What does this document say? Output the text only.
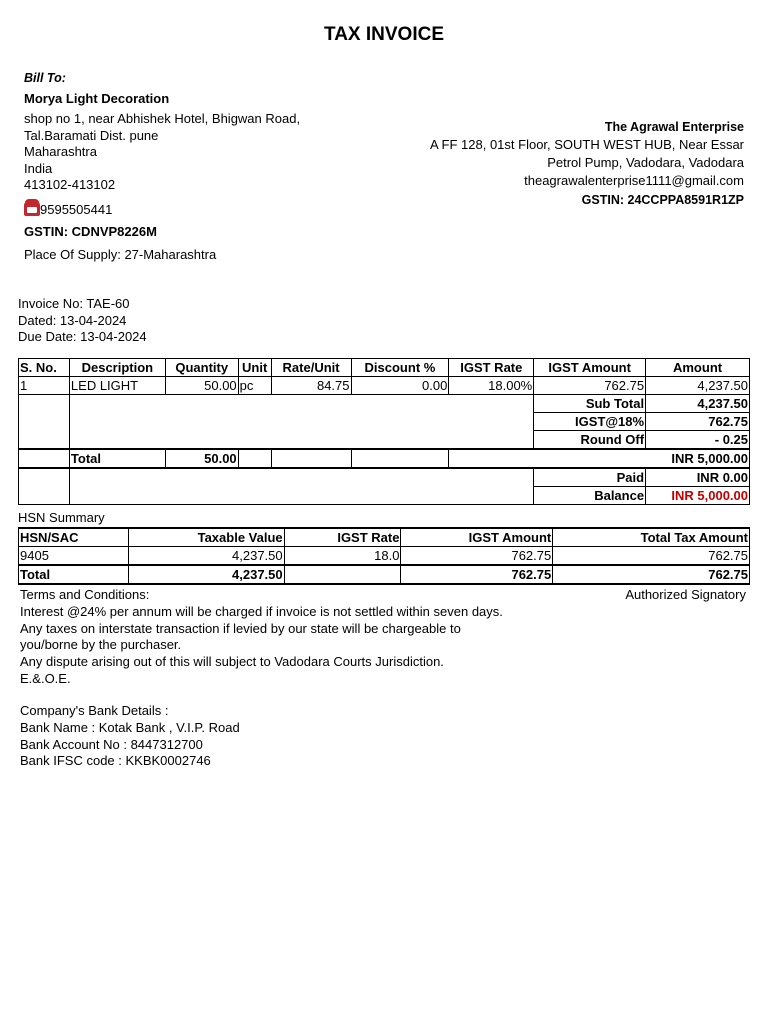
TAX INVOICE
Bill To:
Morya Light Decoration
shop no 1, near Abhishek Hotel, Bhigwan Road,
Tal.Baramati Dist. pune
Maharashtra
India
413102-413102
9595505441
GSTIN: CDNVP8226M
Place Of Supply: 27-Maharashtra
The Agrawal Enterprise
A FF 128, 01st Floor, SOUTH WEST HUB, Near Essar
Petrol Pump, Vadodara, Vadodara
theagrawalenterprise1111@gmail.com
GSTIN: 24CCPPA8591R1ZP
Invoice No: TAE-60
Dated: 13-04-2024
Due Date: 13-04-2024
S. No.	Description	Quantity	Unit	Rate/Unit	Discount %	IGST Rate	IGST Amount	Amount
1	LED LIGHT	50.00	pc	84.75	0.00	18.00%	762.75	4,237.50
							Sub Total	4,237.50
							IGST@18%	762.75
							Round Off	- 0.25
	Total	50.00				INR 5,000.00		
							Paid	INR 0.00
							Balance	INR 5,000.00
HSN Summary
HSN/SAC	Taxable Value	IGST Rate	IGST Amount	Total Tax Amount
9405	4,237.50	18.0	762.75	762.75
Total	4,237.50		762.75	762.75
Terms and Conditions:
Interest @24% per annum will be charged if invoice is not settled within seven days.
Any taxes on interstate transaction if levied by our state will be chargeable to
you/borne by the purchaser.
Any dispute arising out of this will subject to Vadodara Courts Jurisdiction.
E.&.O.E.
Authorized Signatory
Company's Bank Details :
Bank Name : Kotak Bank , V.I.P. Road
Bank Account No : 8447312700
Bank IFSC code : KKBK0002746
